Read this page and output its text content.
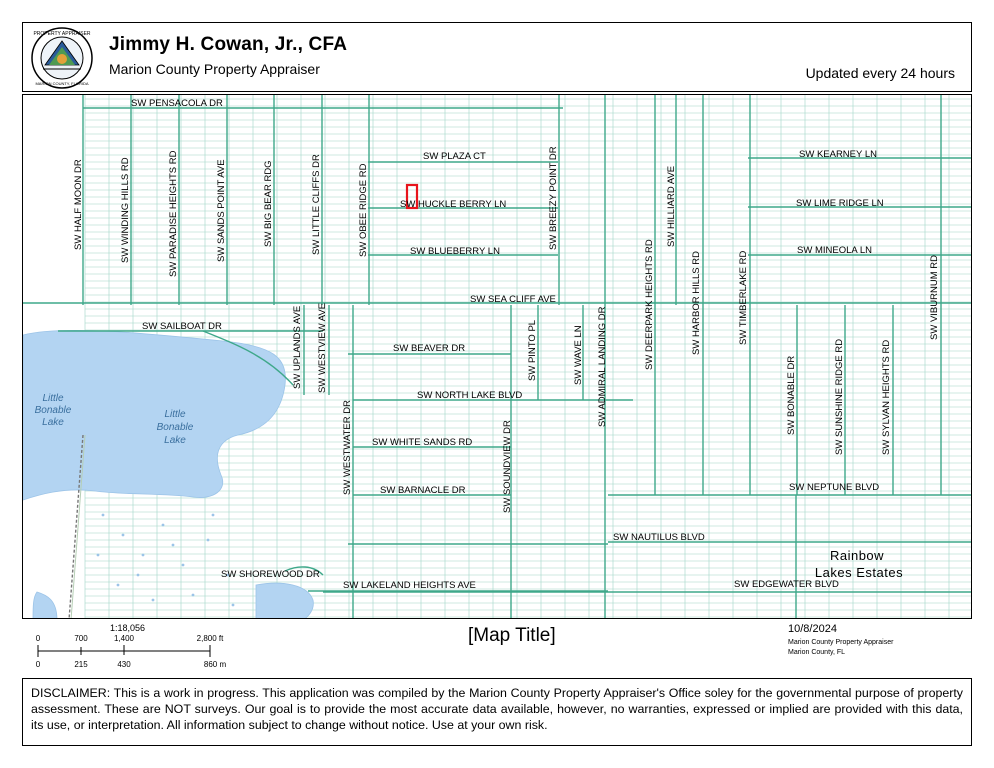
PROPERTY APPRAISER
MARION COUNTY, FLORIDA
Jimmy H. Cowan, Jr., CFA
Marion County Property Appraiser	Updated every 24 hours
SW PENSACOLA DR
SW PLAZA CT
SW HUCKLE BERRY LN
SW BLUEBERRY LN
SW KEARNEY LN
SW LIME RIDGE LN
SW MINEOLA LN
SW SEA CLIFF AVE
SW SAILBOAT DR
SW BEAVER DR
SW NORTH LAKE BLVD
SW WHITE SANDS RD
SW BARNACLE DR	SW NEPTUNE BLVD
SW NAUTILUS BLVD
SW SHOREWOOD DR
SW LAKELAND HEIGHTS AVE	SW EDGEWATER BLVD
SW HALF MOON DR	SW WINDING HILLS RD	SW PARADISE HEIGHTS RD	SW SANDS POINT AVE	SW BIG BEAR RDG	SW LITTLE CLIFFS DR	SW OBEE RIDGE RD	SW BREEZY POINT DR
SW DEERPARK HEIGHTS RD
SW HILLIARD AVE
SW HARBOR HILLS RD	SW TIMBERLAKE RD	SW VIBURNUM RD
SW UPLANDS AVE SW WESTVIEW AVE
SW WESTWATER DR
SW PINTO PL	SW WAVE LN SW ADMIRAL LANDING DR
SW SOUNDVIEW DR
SW BONABLE DR	SW SUNSHINE RIDGE RD	SW SYLVAN HEIGHTS RD
Little
Bonable
Lake
Little
Bonable
Lake
Rainbow
Lakes Estates
1:18,056
0	700	1,400	2,800 ft
0	215	430	860 m
[Map Title]	10/8/2024
Marion County Property Appraiser
Marion County, FL
DISCLAIMER: This is a work in progress. This application was compiled by the Marion County Property Appraiser's Office soley for the governmental purpose of property assessment. These are NOT surveys. Our goal is to provide the most accurate data available, however, no warranties, expressed or implied are provided with this data, its use, or interpretation. All information subject to change without notice. Use at your own risk.
